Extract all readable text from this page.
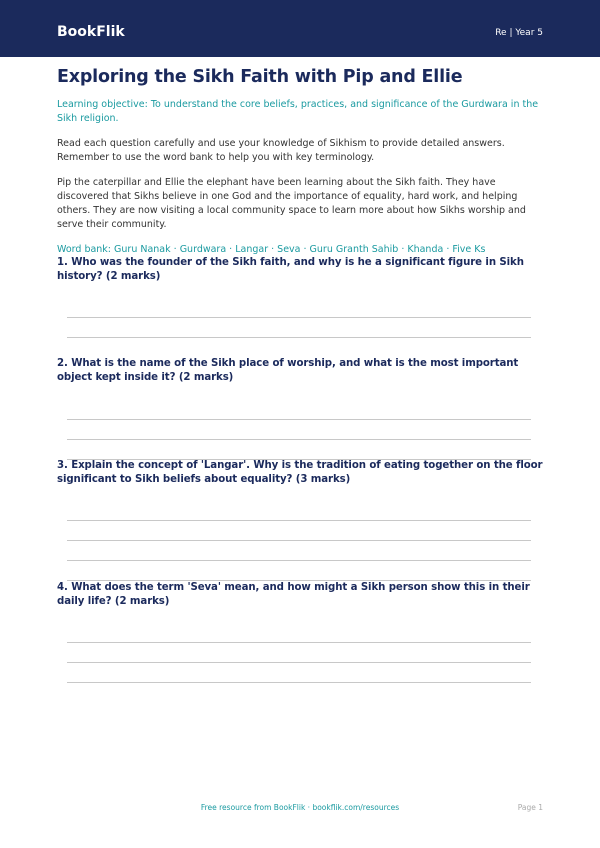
BookFlik	Re | Year 5
Exploring the Sikh Faith with Pip and Ellie

Learning objective: To understand the core beliefs, practices, and significance of the Gurdwara in the Sikh religion.

Read each question carefully and use your knowledge of Sikhism to provide detailed answers. Remember to use the word bank to help you with key terminology.

Pip the caterpillar and Ellie the elephant have been learning about the Sikh faith. They have discovered that Sikhs believe in one God and the importance of equality, hard work, and helping others. They are now visiting a local community space to learn more about how Sikhs worship and serve their community.

Word bank: Guru Nanak · Gurdwara · Langar · Seva · Guru Granth Sahib · Khanda · Five Ks

1. Who was the founder of the Sikh faith, and why is he a significant figure in Sikh history? (2 marks)

2. What is the name of the Sikh place of worship, and what is the most important object kept inside it? (2 marks)

3. Explain the concept of 'Langar'. Why is the tradition of eating together on the floor significant to Sikh beliefs about equality? (3 marks)

4. What does the term 'Seva' mean, and how might a Sikh person show this in their daily life? (2 marks)

Free resource from BookFlik · bookflik.com/resources	Page 1
